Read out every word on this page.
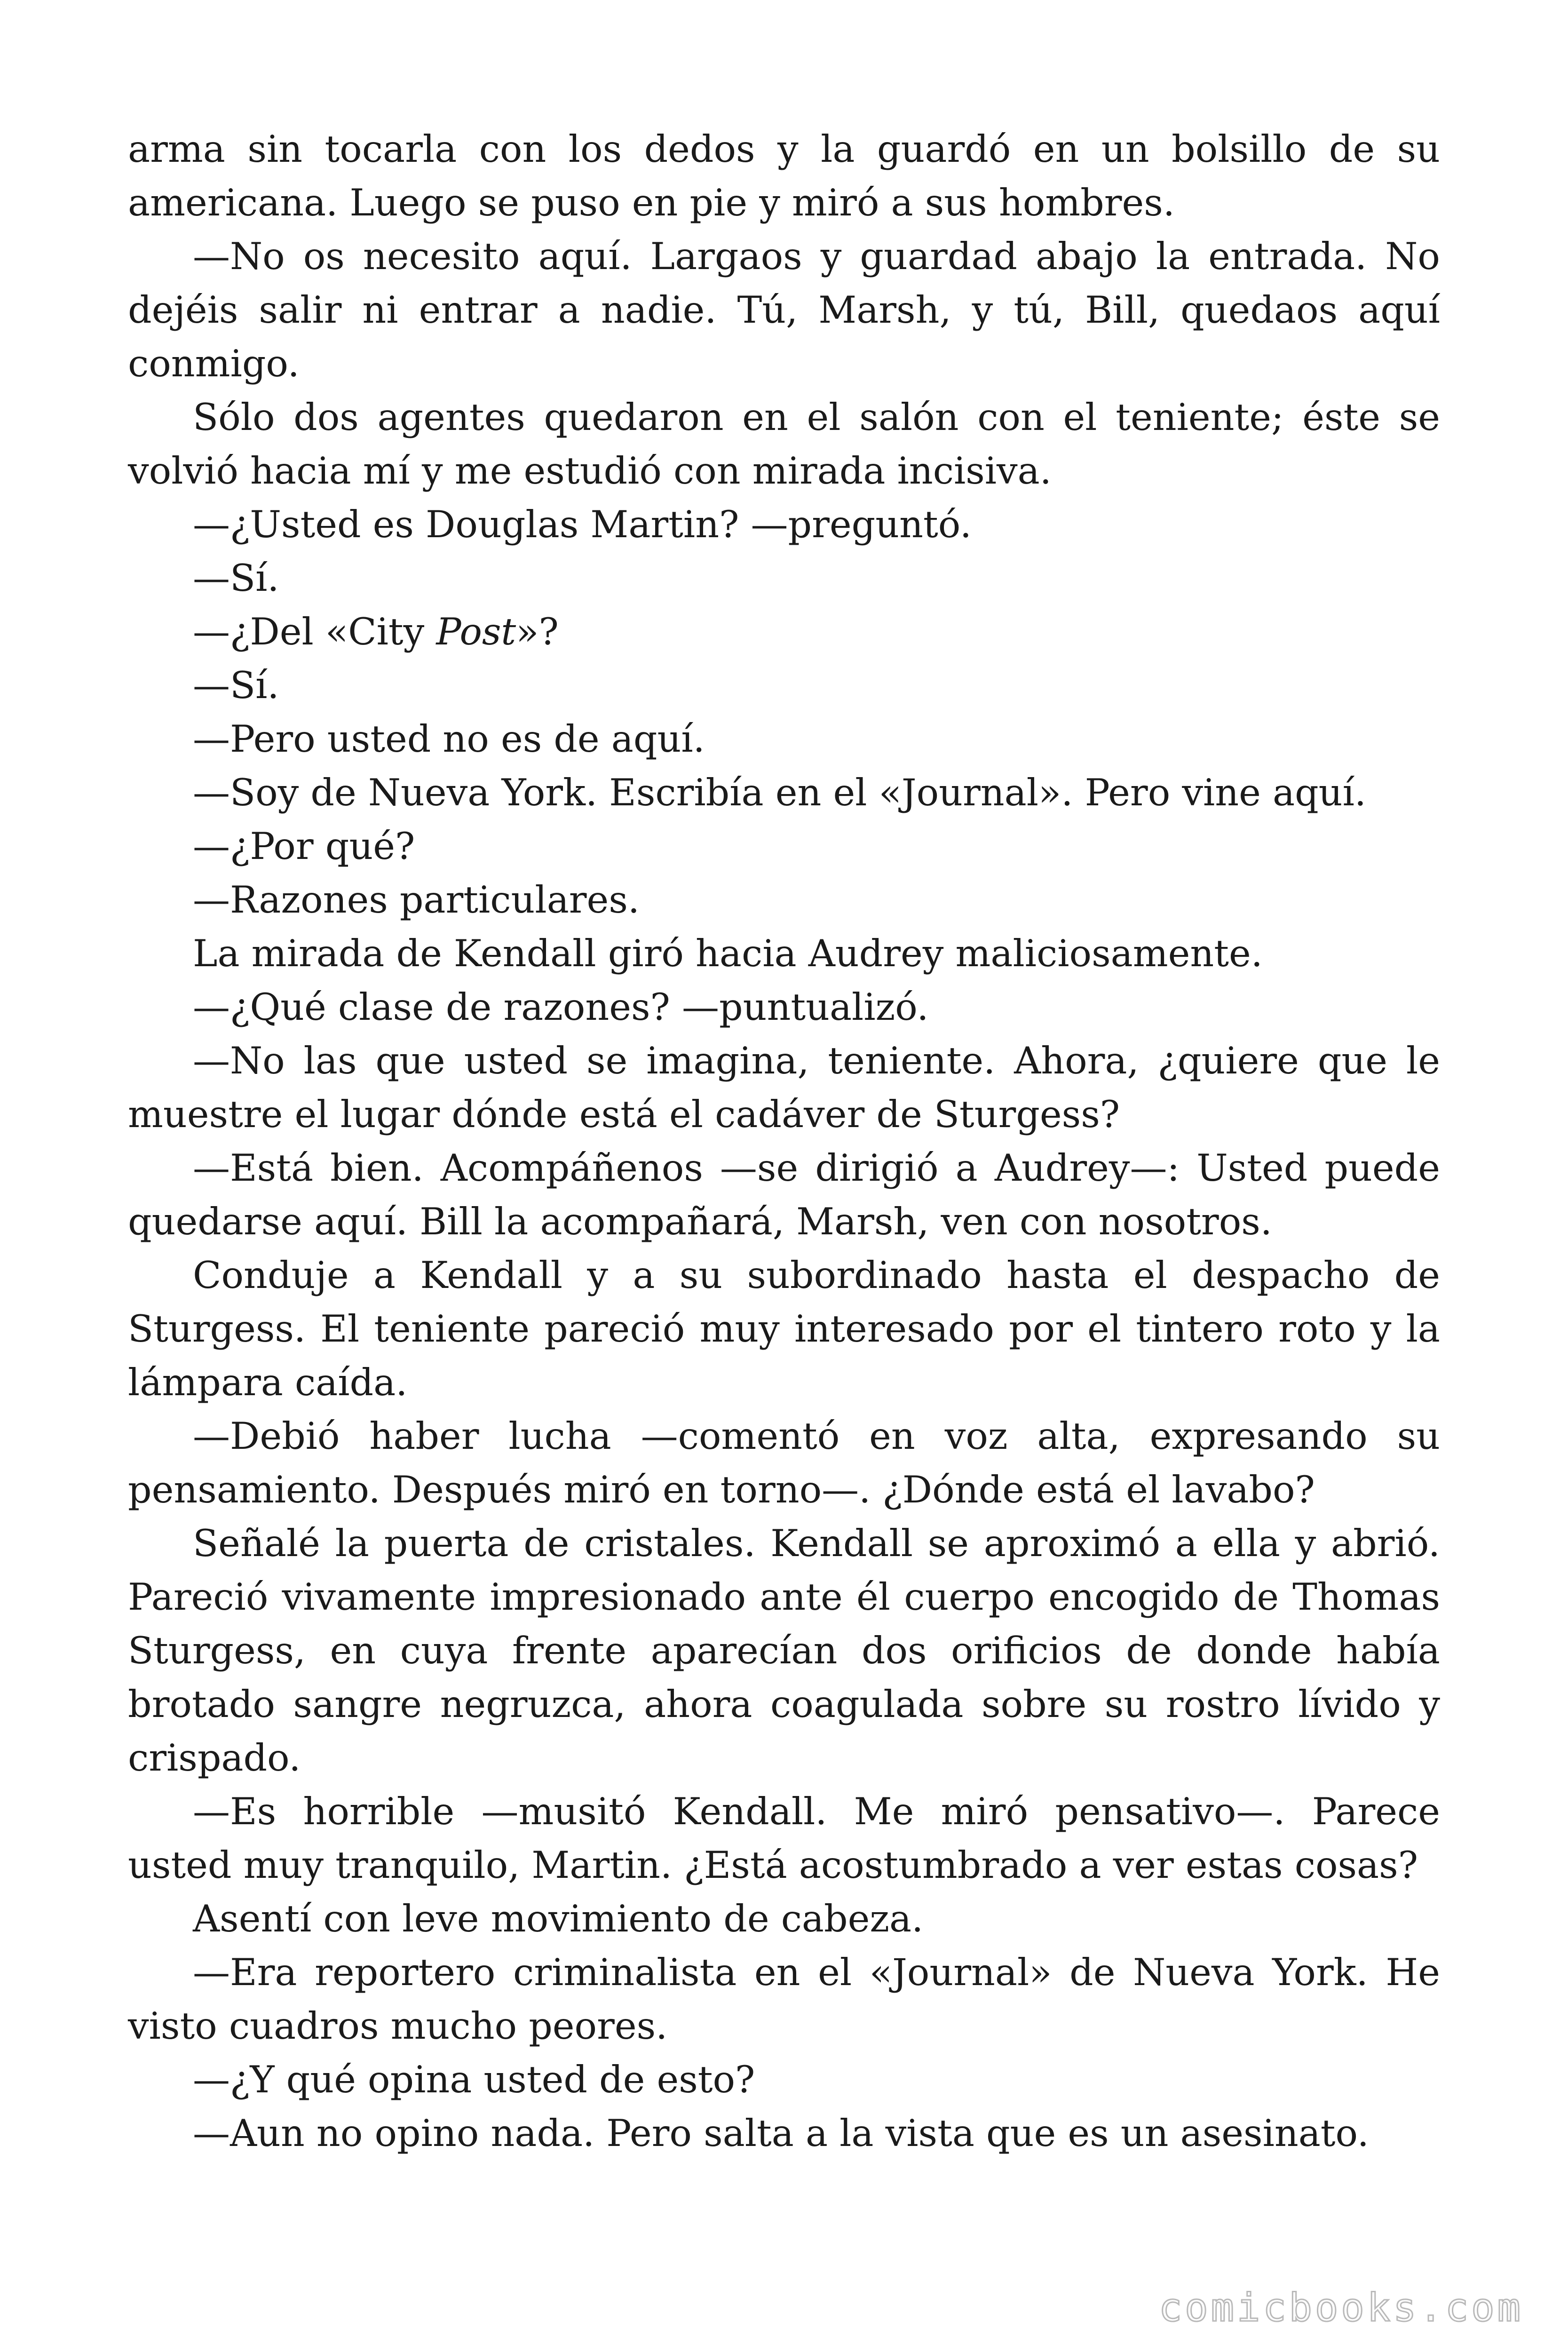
arma sin tocarla con los dedos y la guardó en un bolsillo de su americana. Luego se puso en pie y miró a sus hombres.

—No os necesito aquí. Largaos y guardad abajo la entrada. No dejéis salir ni entrar a nadie. Tú, Marsh, y tú, Bill, quedaos aquí conmigo.

Sólo dos agentes quedaron en el salón con el teniente; éste se volvió hacia mí y me estudió con mirada incisiva.

—¿Usted es Douglas Martin? —preguntó.

—Sí.

—¿Del «City Post»?

—Sí.

—Pero usted no es de aquí.

—Soy de Nueva York. Escribía en el «Journal». Pero vine aquí.

—¿Por qué?

—Razones particulares.

La mirada de Kendall giró hacia Audrey maliciosamente.

—¿Qué clase de razones? —puntualizó.

—No las que usted se imagina, teniente. Ahora, ¿quiere que le muestre el lugar dónde está el cadáver de Sturgess?

—Está bien. Acompáñenos —se dirigió a Audrey—: Usted puede quedarse aquí. Bill la acompañará, Marsh, ven con nosotros.

Conduje a Kendall y a su subordinado hasta el despacho de Sturgess. El teniente pareció muy interesado por el tintero roto y la lámpara caída.

—Debió haber lucha —comentó en voz alta, expresando su pensamiento. Después miró en torno—. ¿Dónde está el lavabo?

Señalé la puerta de cristales. Kendall se aproximó a ella y abrió. Pareció vivamente impresionado ante él cuerpo encogido de Thomas Sturgess, en cuya frente aparecían dos orificios de donde había brotado sangre negruzca, ahora coagulada sobre su rostro lívido y crispado.

—Es horrible —musitó Kendall. Me miró pensativo—. Parece usted muy tranquilo, Martin. ¿Está acostumbrado a ver estas cosas?

Asentí con leve movimiento de cabeza.

—Era reportero criminalista en el «Journal» de Nueva York. He visto cuadros mucho peores.

—¿Y qué opina usted de esto?

—Aun no opino nada. Pero salta a la vista que es un asesinato.

comicbooks.com
